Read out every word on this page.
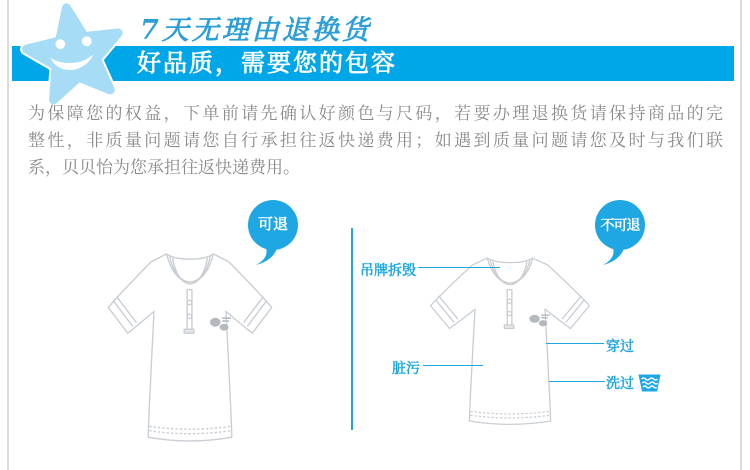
好品质，需要您的包容
7天无理由退换货
为保障您的权益，下单前请先确认好颜色与尺码，若要办理退换货请保持商品的完
整性，非质量问题请您自行承担往返快递费用；如遇到质量问题请您及时与我们联
系，贝贝怡为您承担往返快递费用。
可退	不可退
吊牌拆毁
穿过
脏污
洗过
